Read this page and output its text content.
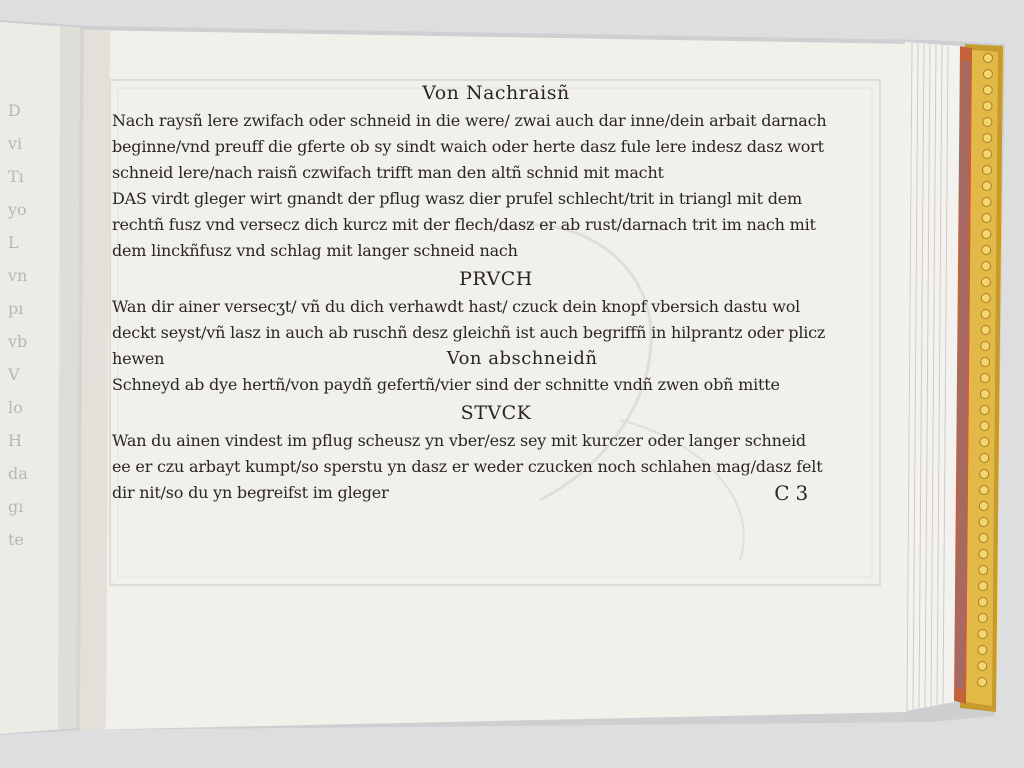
D
vi
Tı
yo
L
vn
pı
vb
V
lo
H
da
gı
te
Von Nachraisñ
Nach raysñ lere zwifach oder schneid in die were/ zwai auch dar inne/dein arbait darnach
beginne/vnd preuff die gferte ob sy sindt waich oder herte dasz fule lere indesz dasz wort
schneid lere/nach raisñ czwifach trifft man den altñ schnid mit macht
DAS virdt gleger wirt gnandt der pflug wasz dier prufel schlecht/trit in triangl mit dem
rechtñ fusz vnd versecz dich kurcz mit der flech/dasz er ab rust/darnach trit im nach mit
dem linckñfusz vnd schlag mit langer schneid nach
PRVCH
Wan dir ainer versecʒt/ vñ du dich verhawdt hast/ czuck dein knopf vbersich dastu wol
deckt seyst/vñ lasz in auch ab ruschñ desz gleichñ ist auch begriffñ in hilprantz oder plicz
hewen	Von abschneidñ
Schneyd ab dye hertñ/von paydñ gefertñ/vier sind der schnitte vndñ zwen obñ mitte
STVCK
Wan du ainen vindest im pflug scheusz yn vber/esz sey mit kurczer oder langer schneid
ee er czu arbayt kumpt/so sperstu yn dasz er weder czucken noch schlahen mag/dasz felt
dir nit/so du yn begreifst im gleger	C 3
